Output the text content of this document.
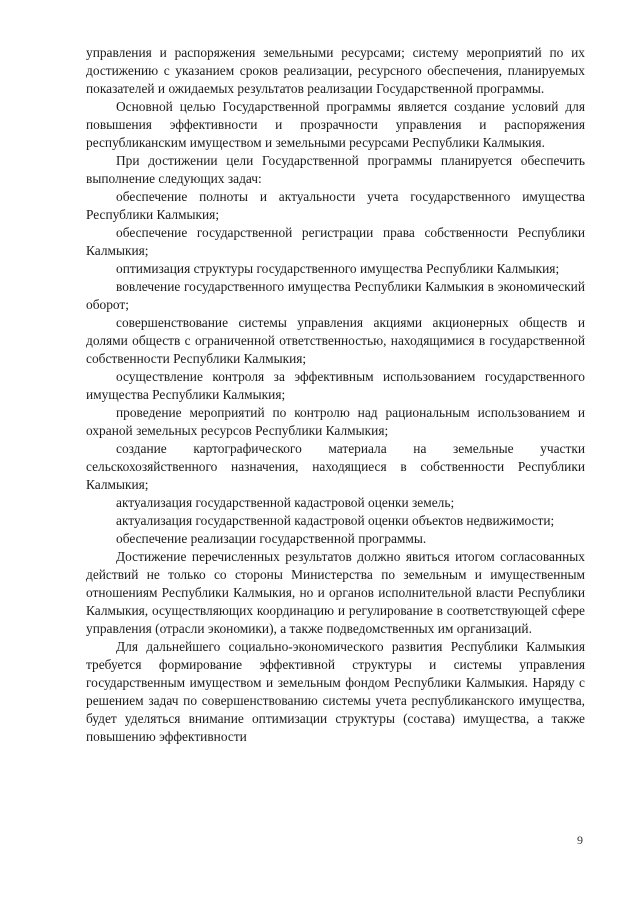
управления и распоряжения земельными ресурсами; систему мероприятий по их достижению с указанием сроков реализации, ресурсного обеспечения, планируемых показателей и ожидаемых результатов реализации Государственной программы.

Основной целью Государственной программы является создание условий для повышения эффективности и прозрачности управления и распоряжения республиканским имуществом и земельными ресурсами Республики Калмыкия.

При достижении цели Государственной программы планируется обеспечить выполнение следующих задач:

обеспечение полноты и актуальности учета государственного имущества Республики Калмыкия;

обеспечение государственной регистрации права собственности Республики Калмыкия;

оптимизация структуры государственного имущества Республики Калмыкия;

вовлечение государственного имущества Республики Калмыкия в экономический оборот;

совершенствование системы управления акциями акционерных обществ и долями обществ с ограниченной ответственностью, находящимися в государственной собственности Республики Калмыкия;

осуществление контроля за эффективным использованием государственного имущества Республики Калмыкия;

проведение мероприятий по контролю над рациональным использованием и охраной земельных ресурсов Республики Калмыкия;

создание картографического материала на земельные участки сельскохозяйственного назначения, находящиеся в собственности Республики Калмыкия;

актуализация государственной кадастровой оценки земель;

актуализация государственной кадастровой оценки объектов недвижимости;

обеспечение реализации государственной программы.

Достижение перечисленных результатов должно явиться итогом согласованных действий не только со стороны Министерства по земельным и имущественным отношениям Республики Калмыкия, но и органов исполнительной власти Республики Калмыкия, осуществляющих координацию и регулирование в соответствующей сфере управления (отрасли экономики), а также подведомственных им организаций.

Для дальнейшего социально-экономического развития Республики Калмыкия требуется формирование эффективной структуры и системы управления государственным имуществом и земельным фондом Республики Калмыкия. Наряду с решением задач по совершенствованию системы учета республиканского имущества, будет уделяться внимание оптимизации структуры (состава) имущества, а также повышению эффективности

9
